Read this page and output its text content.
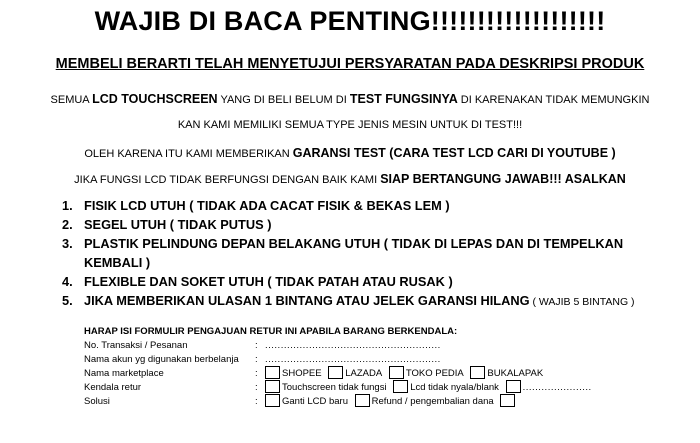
WAJIB DI BACA PENTING!!!!!!!!!!!!!!!!!!!
MEMBELI BERARTI TELAH MENYETUJUI PERSYARATAN PADA DESKRIPSI PRODUK
SEMUA LCD TOUCHSCREEN YANG DI BELI BELUM DI TEST FUNGSINYA DI KARENAKAN TIDAK MEMUNGKIN
KAN KAMI MEMILIKI SEMUA TYPE JENIS MESIN UNTUK DI TEST!!!
OLEH KARENA ITU KAMI MEMBERIKAN GARANSI TEST (CARA TEST LCD CARI DI YOUTUBE )
JIKA FUNGSI LCD TIDAK BERFUNGSI DENGAN BAIK KAMI SIAP BERTANGUNG JAWAB!!! ASALKAN
1. FISIK LCD UTUH ( TIDAK ADA CACAT FISIK & BEKAS LEM )
2. SEGEL UTUH ( TIDAK PUTUS )
3. PLASTIK PELINDUNG DEPAN BELAKANG UTUH ( TIDAK DI LEPAS DAN DI TEMPELKAN KEMBALI )
4. FLEXIBLE DAN SOKET UTUH ( TIDAK PATAH ATAU RUSAK )
5. JIKA MEMBERIKAN ULASAN 1 BINTANG ATAU JELEK GARANSI HILANG ( WAJIB 5 BINTANG )
HARAP ISI FORMULIR PENGAJUAN RETUR INI APABILA BARANG BERKENDALA:
No. Transaksi / Pesanan	: ........................................................
Nama akun yg digunakan berbelanja : ........................................................
Nama marketplace	:	SHOPEE LAZADA TOKO PEDIA BUKALAPAK
Kendala retur	:	Touchscreen tidak fungsi Lcd tidak nyala/blank ......................
Solusi	:	Ganti LCD baru Refund / pengembalian dana
